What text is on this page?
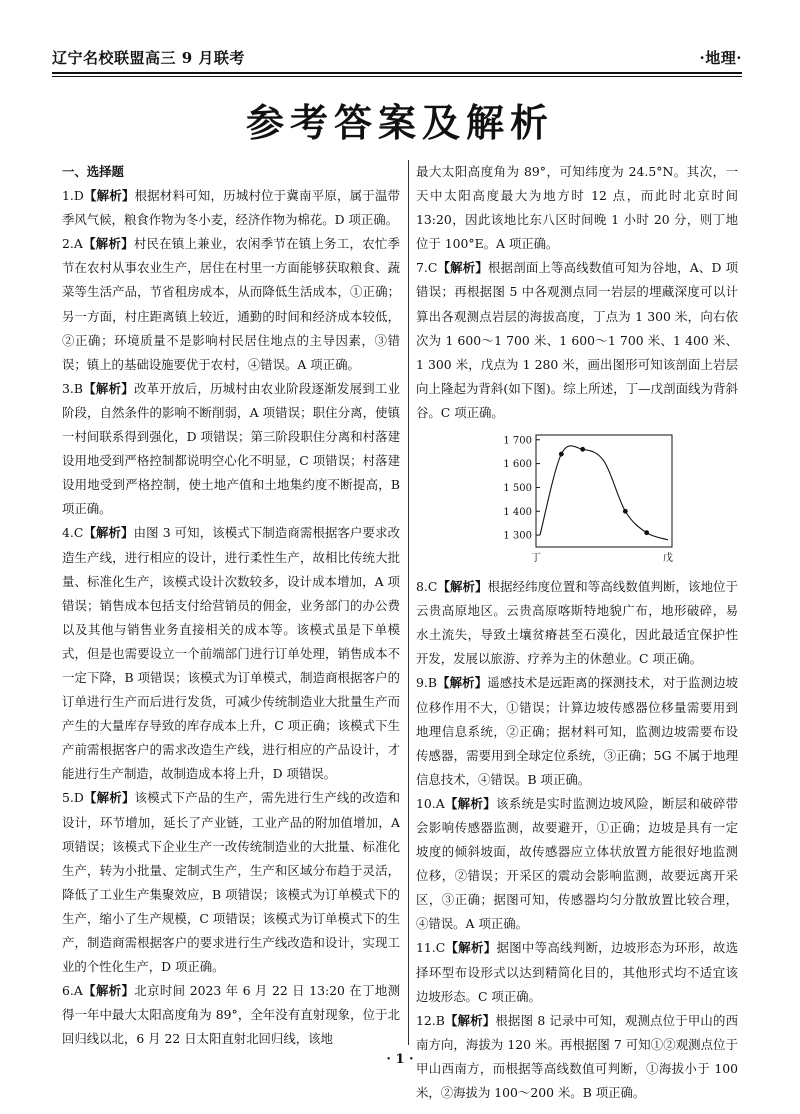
辽宁名校联盟高三 9 月联考	·地理·
参考答案及解析

一、选择题

1.D【解析】根据材料可知，历城村位于冀南平原，属于温带季风气候，粮食作物为冬小麦，经济作物为棉花。D 项正确。

2.A【解析】村民在镇上兼业，农闲季节在镇上务工，农忙季节在农村从事农业生产，居住在村里一方面能够获取粮食、蔬菜等生活产品，节省租房成本，从而降低生活成本，①正确；另一方面，村庄距离镇上较近，通勤的时间和经济成本较低，②正确；环境质量不是影响村民居住地点的主导因素，③错误；镇上的基础设施要优于农村，④错误。A 项正确。

3.B【解析】改革开放后，历城村由农业阶段逐渐发展到工业阶段，自然条件的影响不断削弱，A 项错误；职住分离，使镇一村间联系得到强化，D 项错误；第三阶段职住分离和村落建设用地受到严格控制都说明空心化不明显，C 项错误；村落建设用地受到严格控制，使土地产值和土地集约度不断提高，B 项正确。

4.C【解析】由图 3 可知，该模式下制造商需根据客户要求改造生产线，进行相应的设计，进行柔性生产，故相比传统大批量、标准化生产，该模式设计次数较多，设计成本增加，A 项错误；销售成本包括支付给营销员的佣金，业务部门的办公费以及其他与销售业务直接相关的成本等。该模式虽是下单模式，但是也需要设立一个前端部门进行订单处理，销售成本不一定下降，B 项错误；该模式为订单模式，制造商根据客户的订单进行生产而后进行发货，可减少传统制造业大批量生产而产生的大量库存导致的库存成本上升，C 项正确；该模式下生产前需根据客户的需求改造生产线，进行相应的产品设计，才能进行生产制造，故制造成本将上升，D 项错误。

5.D【解析】该模式下产品的生产，需先进行生产线的改造和设计，环节增加，延长了产业链，工业产品的附加值增加，A 项错误；该模式下企业生产一改传统制造业的大批量、标准化生产，转为小批量、定制式生产，生产和区域分布趋于灵活，降低了工业生产集聚效应，B 项错误；该模式为订单模式下的生产，缩小了生产规模，C 项错误；该模式为订单模式下的生产，制造商需根据客户的要求进行生产线改造和设计，实现工业的个性化生产，D 项正确。

6.A【解析】北京时间 2023 年 6 月 22 日 13:20 在丁地测得一年中最大太阳高度角为 89°，全年没有直射现象，位于北回归线以北，6 月 22 日太阳直射北回归线，该地

最大太阳高度角为 89°，可知纬度为 24.5°N。其次，一天中太阳高度最大为地方时 12 点，而此时北京时间 13:20，因此该地比东八区时间晚 1 小时 20 分，则丁地位于 100°E。A 项正确。

7.C【解析】根据剖面上等高线数值可知为谷地，A、D 项错误；再根据图 5 中各观测点同一岩层的埋藏深度可以计算出各观测点岩层的海拔高度，丁点为 1 300 米，向右依次为 1 600～1 700 米、1 600～1 700 米、1 400 米、1 300 米，戊点为 1 280 米，画出图形可知该剖面上岩层向上隆起为背斜(如下图)。综上所述，丁—戊剖面线为背斜谷。C 项正确。

1 700
1 600
1 500
1 400
1 300
丁	戊

8.C【解析】根据经纬度位置和等高线数值判断，该地位于云贵高原地区。云贵高原喀斯特地貌广布，地形破碎，易水土流失，导致土壤贫瘠甚至石漠化，因此最适宜保护性开发，发展以旅游、疗养为主的休憩业。C 项正确。

9.B【解析】遥感技术是远距离的探测技术，对于监测边坡位移作用不大，①错误；计算边坡传感器位移量需要用到地理信息系统，②正确；据材料可知，监测边坡需要布设传感器，需要用到全球定位系统，③正确；5G 不属于地理信息技术，④错误。B 项正确。

10.A【解析】该系统是实时监测边坡风险，断层和破碎带会影响传感器监测，故要避开，①正确；边坡是具有一定坡度的倾斜坡面，故传感器应立体状放置方能很好地监测位移，②错误；开采区的震动会影响监测，故要远离开采区，③正确；据图可知，传感器均匀分散放置比较合理，④错误。A 项正确。

11.C【解析】据图中等高线判断，边坡形态为环形，故选择环型布设形式以达到精简化目的，其他形式均不适宜该边坡形态。C 项正确。

12.B【解析】根据图 8 记录中可知，观测点位于甲山的西南方向，海拔为 120 米。再根据图 7 可知①②观测点位于甲山西南方，而根据等高线数值可判断，①海拔小于 100 米，②海拔为 100～200 米。B 项正确。

· 1 ·
